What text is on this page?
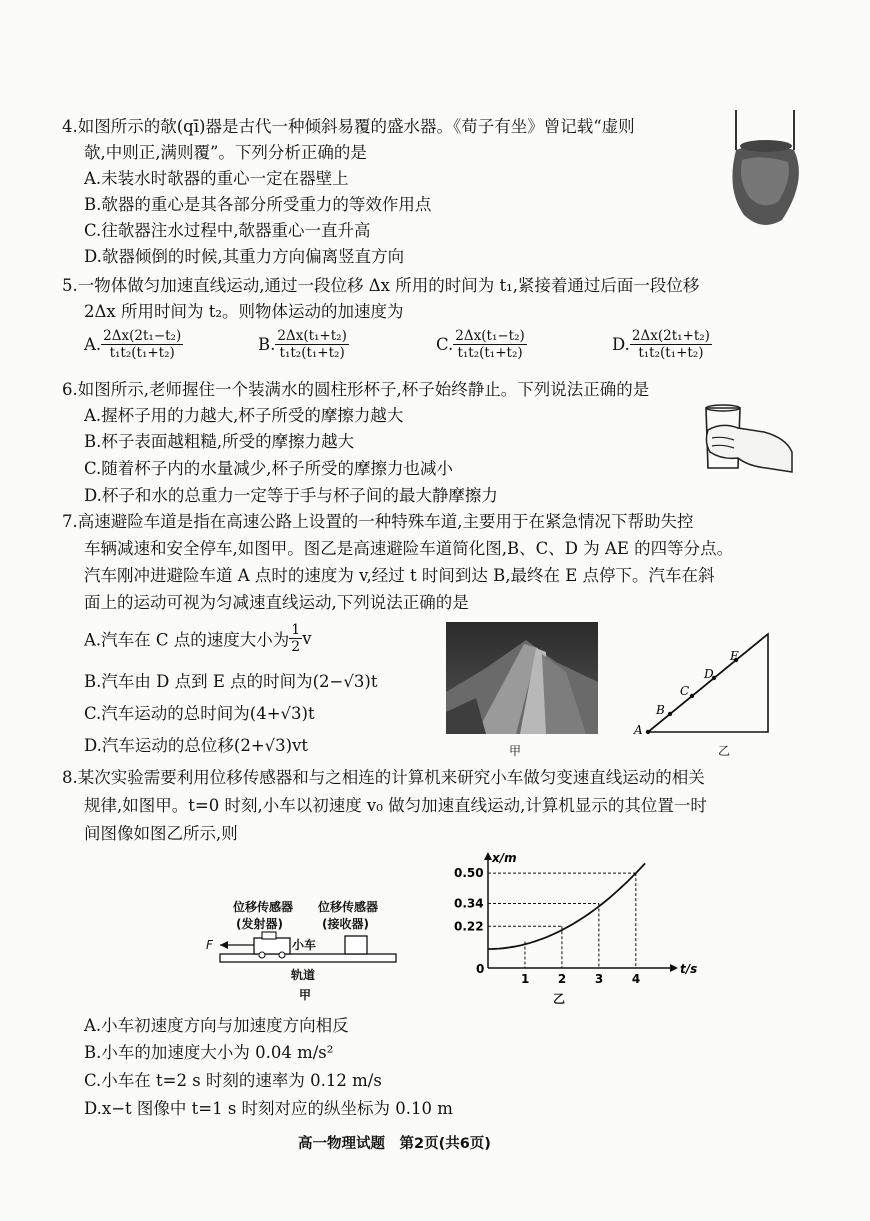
4.如图所示的欹(qī)器是古代一种倾斜易覆的盛水器。《荀子有坐》曾记载“虚则
欹,中则正,满则覆”。下列分析正确的是
A.未装水时欹器的重心一定在器壁上
B.欹器的重心是其各部分所受重力的等效作用点
C.往欹器注水过程中,欹器重心一直升高
D.欹器倾倒的时候,其重力方向偏离竖直方向
5.一物体做匀加速直线运动,通过一段位移 Δx 所用的时间为 t₁,紧接着通过后面一段位移
2Δx 所用时间为 t₂。则物体运动的加速度为
A. $\frac{\text{2Δx(2t₁−t₂)}}{\text{t₁t₂(t₁+t₂)}}$	B. $\frac{\text{2Δx(t₁+t₂)}}{\text{t₁t₂(t₁+t₂)}}$	C. $\frac{\text{2Δx(t₁−t₂)}}{\text{t₁t₂(t₁+t₂)}}$	D. $\frac{\text{2Δx(2t₁+t₂)}}{\text{t₁t₂(t₁+t₂)}}$
6.如图所示,老师握住一个装满水的圆柱形杯子,杯子始终静止。下列说法正确的是
A.握杯子用的力越大,杯子所受的摩擦力越大
B.杯子表面越粗糙,所受的摩擦力越大
C.随着杯子内的水量减少,杯子所受的摩擦力也减小
D.杯子和水的总重力一定等于手与杯子间的最大静摩擦力
7.高速避险车道是指在高速公路上设置的一种特殊车道,主要用于在紧急情况下帮助失控
车辆减速和安全停车,如图甲。图乙是高速避险车道简化图,B、C、D 为 AE 的四等分点。
汽车刚冲进避险车道 A 点时的速度为 v,经过 t 时间到达 B,最终在 E 点停下。汽车在斜
面上的运动可视为匀减速直线运动,下列说法正确的是
A.汽车在 C 点的速度大小为 $\frac{1}{2}$ v
B.汽车由 D 点到 E 点的时间为(2−√3)t
C.汽车运动的总时间为(4+√3)t
D.汽车运动的总位移(2+√3)vt	甲
A
B
C
D
E
乙
8.某次实验需要利用位移传感器和与之相连的计算机来研究小车做匀变速直线运动的相关
规律,如图甲。t=0 时刻,小车以初速度 v₀ 做匀加速直线运动,计算机显示的其位置一时
间图像如图乙所示,则
位移传感器
(发射器)
位移传感器
(接收器)
F	小车
轨道
甲
x/m
t/s
0.22
0.34
0.50
0
1 2 3 4
乙
A.小车初速度方向与加速度方向相反
B.小车的加速度大小为 0.04 m/s²
C.小车在 t=2 s 时刻的速率为 0.12 m/s
D.x−t 图像中 t=1 s 时刻对应的纵坐标为 0.10 m
高一物理试题　第2页(共6页)
